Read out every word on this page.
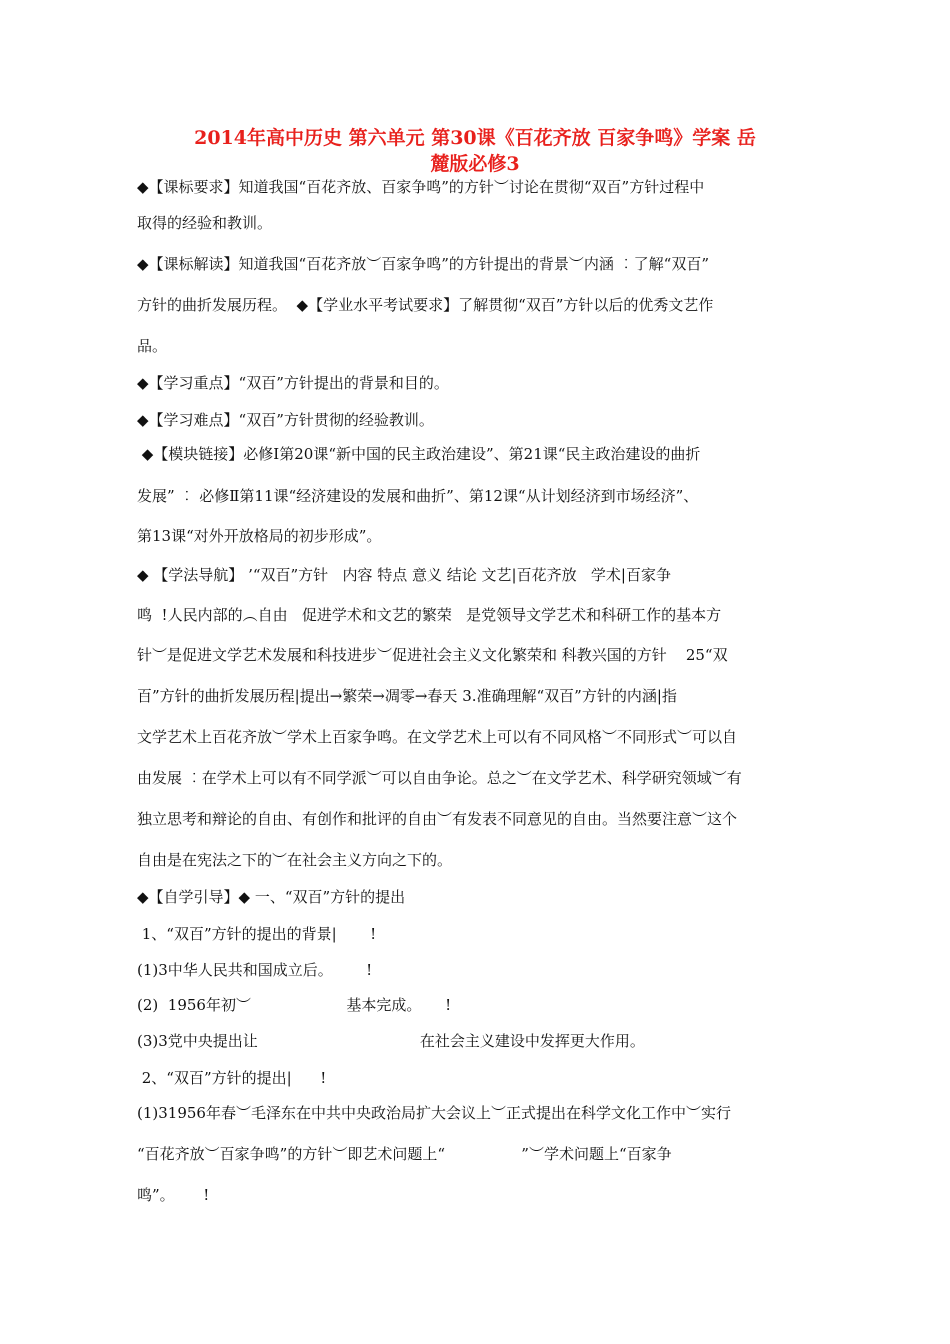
2014年高中历史 第六单元 第30课《百花齐放 百家争鸣》学案 岳
麓版必修3
◆【课标要求】知道我国“百花齐放、百家争鸣”的方针︶讨论在贯彻“双百”方针过程中
取得的经验和教训。
◆【课标解读】知道我国“百花齐放︶百家争鸣”的方针提出的背景︶内涵 ︰了解“双百”
方针的曲折发展历程。  ◆【学业水平考试要求】了解贯彻“双百”方针以后的优秀文艺作
品。
◆【学习重点】“双百”方针提出的背景和目的。
◆【学习难点】“双百”方针贯彻的经验教训。
◆【模块链接】必修Ⅰ第20课“新中国的民主政治建设”、第21课“民主政治建设的曲折
发展” ︰ 必修Ⅱ第11课“经济建设的发展和曲折”、第12课“从计划经济到市场经济”、
第13课“对外开放格局的初步形成”。
◆ 【学法导航】 ’“双百”方针   内容 特点 意义 结论 文艺|百花齐放   学术|百家争
鸣  !人民内部的︵自由   促进学术和文艺的繁荣   是党领导文学艺术和科研工作的基本方
针︶是促进文学艺术发展和科技进步︶促进社会主义文化繁荣和 科教兴国的方针    25“双
百”方针的曲折发展历程|提出→繁荣→凋零→春天 3.准确理解“双百”方针的内涵|指
文学艺术上百花齐放︶学术上百家争鸣。在文学艺术上可以有不同风格︶不同形式︶可以自
由发展 ︰在学术上可以有不同学派︶可以自由争论。总之︶在文学艺术、科学研究领域︶有
独立思考和辩论的自由、有创作和批评的自由︶有发表不同意见的自由。当然要注意︶这个
自由是在宪法之下的︶在社会主义方向之下的。
◆【自学引导】◆ 一、“双百”方针的提出
1、“双百”方针的提出的背景|       !
(1)3中华人民共和国成立后。       !
(2)  1956年初︶                    基本完成。     !
(3)3党中央提出让                                  在社会主义建设中发挥更大作用。
2、“双百”方针的提出|      !
(1)31956年春︶毛泽东在中共中央政治局扩大会议上︶正式提出在科学文化工作中︶实行
“百花齐放︶百家争鸣”的方针︶即艺术问题上“                ”︶学术问题上“百家争
鸣”。      !
